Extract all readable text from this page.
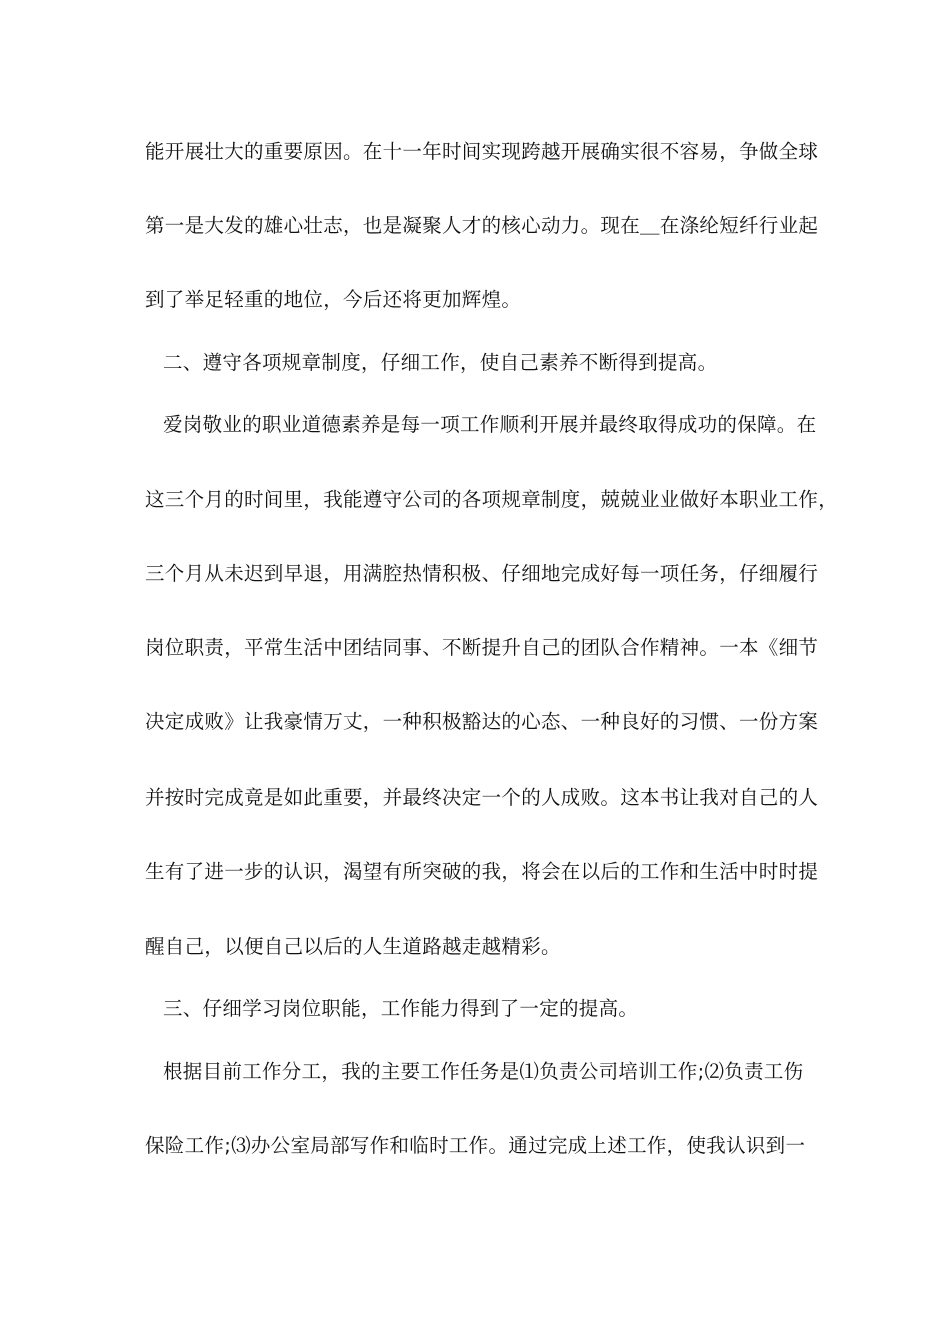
能开展壮大的重要原因。在十一年时间实现跨越开展确实很不容易，争做全球
第一是大发的雄心壮志，也是凝聚人才的核心动力。现在＿在涤纶短纤行业起
到了举足轻重的地位，今后还将更加辉煌。
二、遵守各项规章制度，仔细工作，使自己素养不断得到提高。
爱岗敬业的职业道德素养是每一项工作顺利开展并最终取得成功的保障。在
这三个月的时间里，我能遵守公司的各项规章制度，兢兢业业做好本职业工作，
三个月从未迟到早退，用满腔热情积极、仔细地完成好每一项任务，仔细履行
岗位职责，平常生活中团结同事、不断提升自己的团队合作精神。一本《细节
决定成败》让我豪情万丈，一种积极豁达的心态、一种良好的习惯、一份方案
并按时完成竟是如此重要，并最终决定一个的人成败。这本书让我对自己的人
生有了进一步的认识，渴望有所突破的我，将会在以后的工作和生活中时时提
醒自己，以便自己以后的人生道路越走越精彩。
三、仔细学习岗位职能，工作能力得到了一定的提高。
根据目前工作分工，我的主要工作任务是⑴负责公司培训工作;⑵负责工伤
保险工作;⑶办公室局部写作和临时工作。通过完成上述工作，使我认识到一
